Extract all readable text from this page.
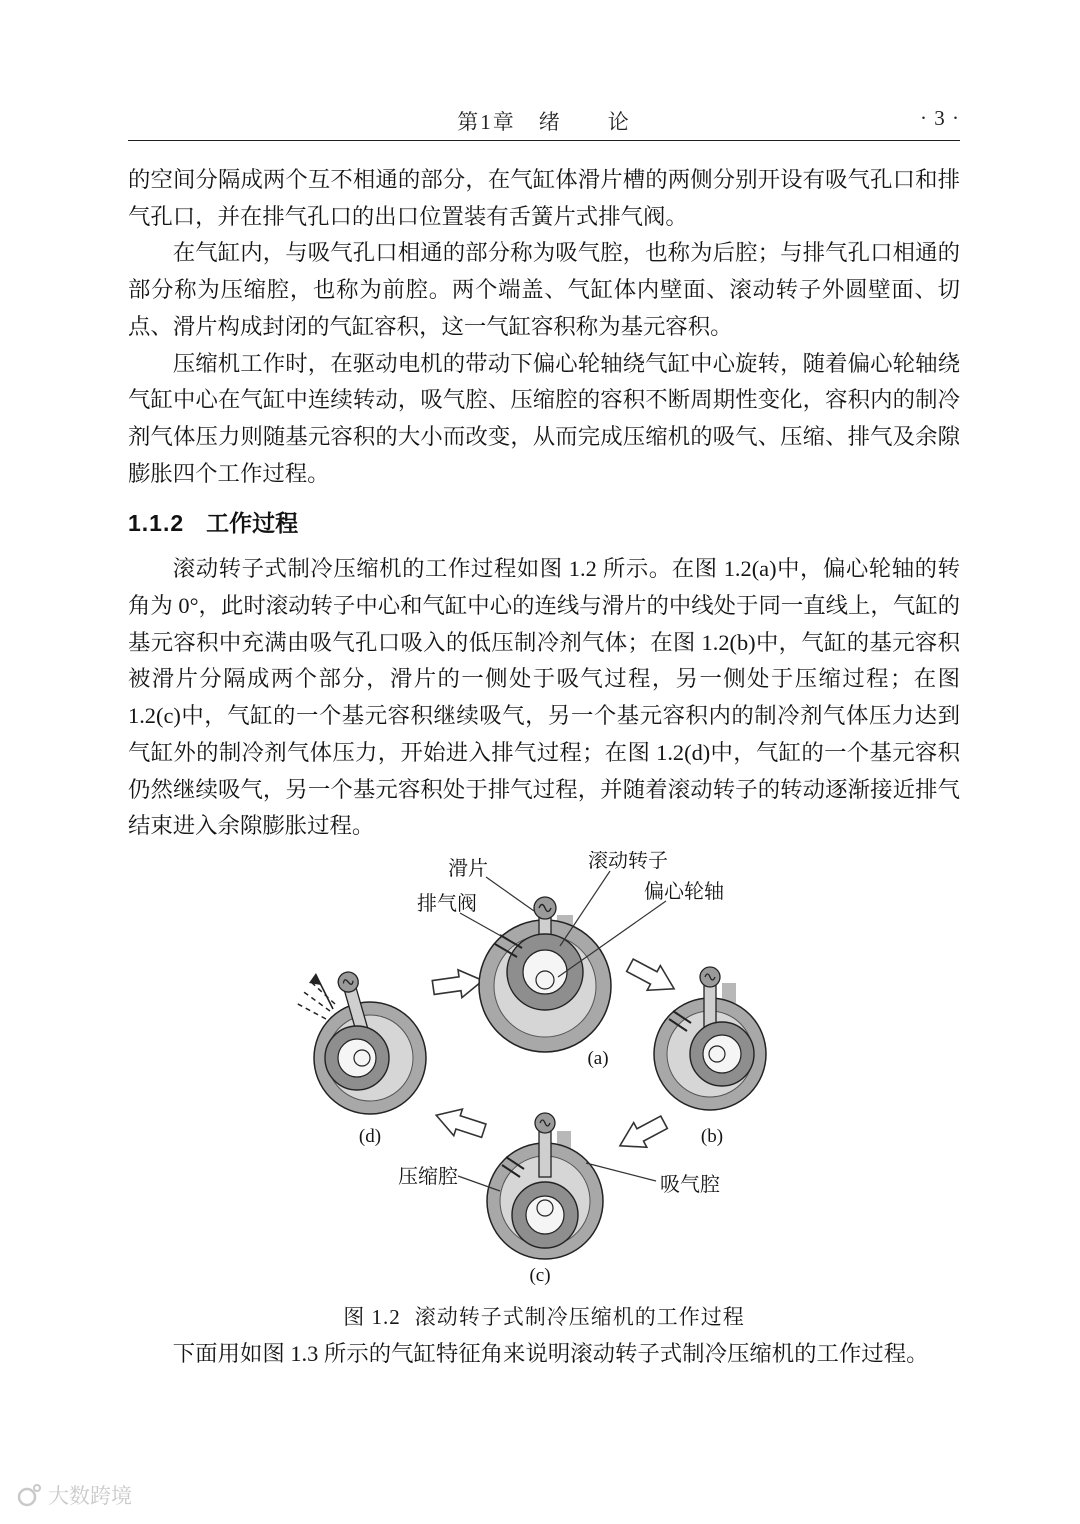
第1章　绪　　论	· 3 ·

的空间分隔成两个互不相通的部分，在气缸体滑片槽的两侧分别开设有吸气孔口和排气孔口，并在排气孔口的出口位置装有舌簧片式排气阀。

在气缸内，与吸气孔口相通的部分称为吸气腔，也称为后腔；与排气孔口相通的部分称为压缩腔，也称为前腔。两个端盖、气缸体内壁面、滚动转子外圆壁面、切点、滑片构成封闭的气缸容积，这一气缸容积称为基元容积。

压缩机工作时，在驱动电机的带动下偏心轮轴绕气缸中心旋转，随着偏心轮轴绕气缸中心在气缸中连续转动，吸气腔、压缩腔的容积不断周期性变化，容积内的制冷剂气体压力则随基元容积的大小而改变，从而完成压缩机的吸气、压缩、排气及余隙膨胀四个工作过程。

1.1.2 工作过程

滚动转子式制冷压缩机的工作过程如图 1.2 所示。在图 1.2(a)中，偏心轮轴的转角为 0°，此时滚动转子中心和气缸中心的连线与滑片的中线处于同一直线上，气缸的基元容积中充满由吸气孔口吸入的低压制冷剂气体；在图 1.2(b)中，气缸的基元容积被滑片分隔成两个部分，滑片的一侧处于吸气过程，另一侧处于压缩过程；在图 1.2(c)中，气缸的一个基元容积继续吸气，另一个基元容积内的制冷剂气体压力达到气缸外的制冷剂气体压力，开始进入排气过程；在图 1.2(d)中，气缸的一个基元容积仍然继续吸气，另一个基元容积处于排气过程，并随着滚动转子的转动逐渐接近排气结束进入余隙膨胀过程。

滑片	滚动转子
排气阀
偏心轮轴
压缩腔	吸气腔
(a)
(b)
(c)
(d)
图 1.2 滚动转子式制冷压缩机的工作过程

下面用如图 1.3 所示的气缸特征角来说明滚动转子式制冷压缩机的工作过程。

大数跨境
